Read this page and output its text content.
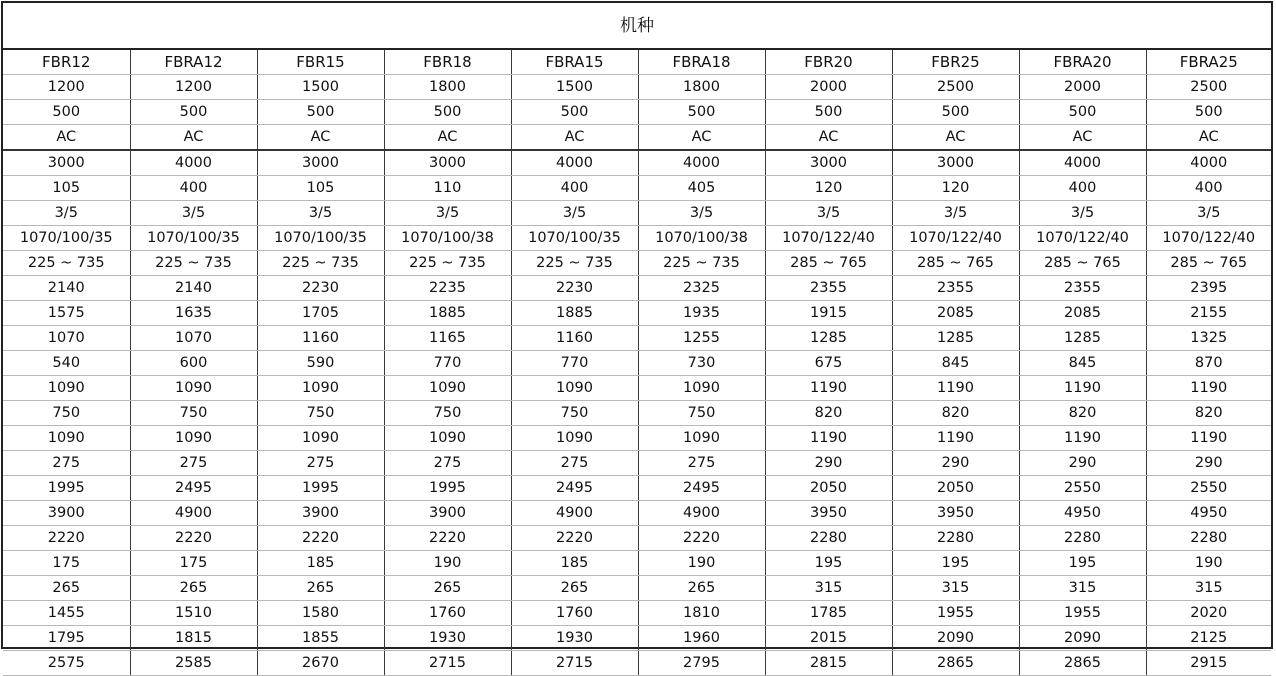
机种
FBR12	FBRA12	FBR15	FBR18	FBRA15	FBRA18	FBR20	FBR25	FBRA20	FBRA25
1200	1200	1500	1800	1500	1800	2000	2500	2000	2500
500	500	500	500	500	500	500	500	500	500
AC	AC	AC	AC	AC	AC	AC	AC	AC	AC
3000	4000	3000	3000	4000	4000	3000	3000	4000	4000
105	400	105	110	400	405	120	120	400	400
3/5	3/5	3/5	3/5	3/5	3/5	3/5	3/5	3/5	3/5
1070/100/35	1070/100/35	1070/100/35	1070/100/38	1070/100/35	1070/100/38	1070/122/40	1070/122/40	1070/122/40	1070/122/40
225 ~ 735	225 ~ 735	225 ~ 735	225 ~ 735	225 ~ 735	225 ~ 735	285 ~ 765	285 ~ 765	285 ~ 765	285 ~ 765
2140	2140	2230	2235	2230	2325	2355	2355	2355	2395
1575	1635	1705	1885	1885	1935	1915	2085	2085	2155
1070	1070	1160	1165	1160	1255	1285	1285	1285	1325
540	600	590	770	770	730	675	845	845	870
1090	1090	1090	1090	1090	1090	1190	1190	1190	1190
750	750	750	750	750	750	820	820	820	820
1090	1090	1090	1090	1090	1090	1190	1190	1190	1190
275	275	275	275	275	275	290	290	290	290
1995	2495	1995	1995	2495	2495	2050	2050	2550	2550
3900	4900	3900	3900	4900	4900	3950	3950	4950	4950
2220	2220	2220	2220	2220	2220	2280	2280	2280	2280
175	175	185	190	185	190	195	195	195	190
265	265	265	265	265	265	315	315	315	315
1455	1510	1580	1760	1760	1810	1785	1955	1955	2020
1795	1815	1855	1930	1930	1960	2015	2090	2090	2125
2575	2585	2670	2715	2715	2795	2815	2865	2865	2915
